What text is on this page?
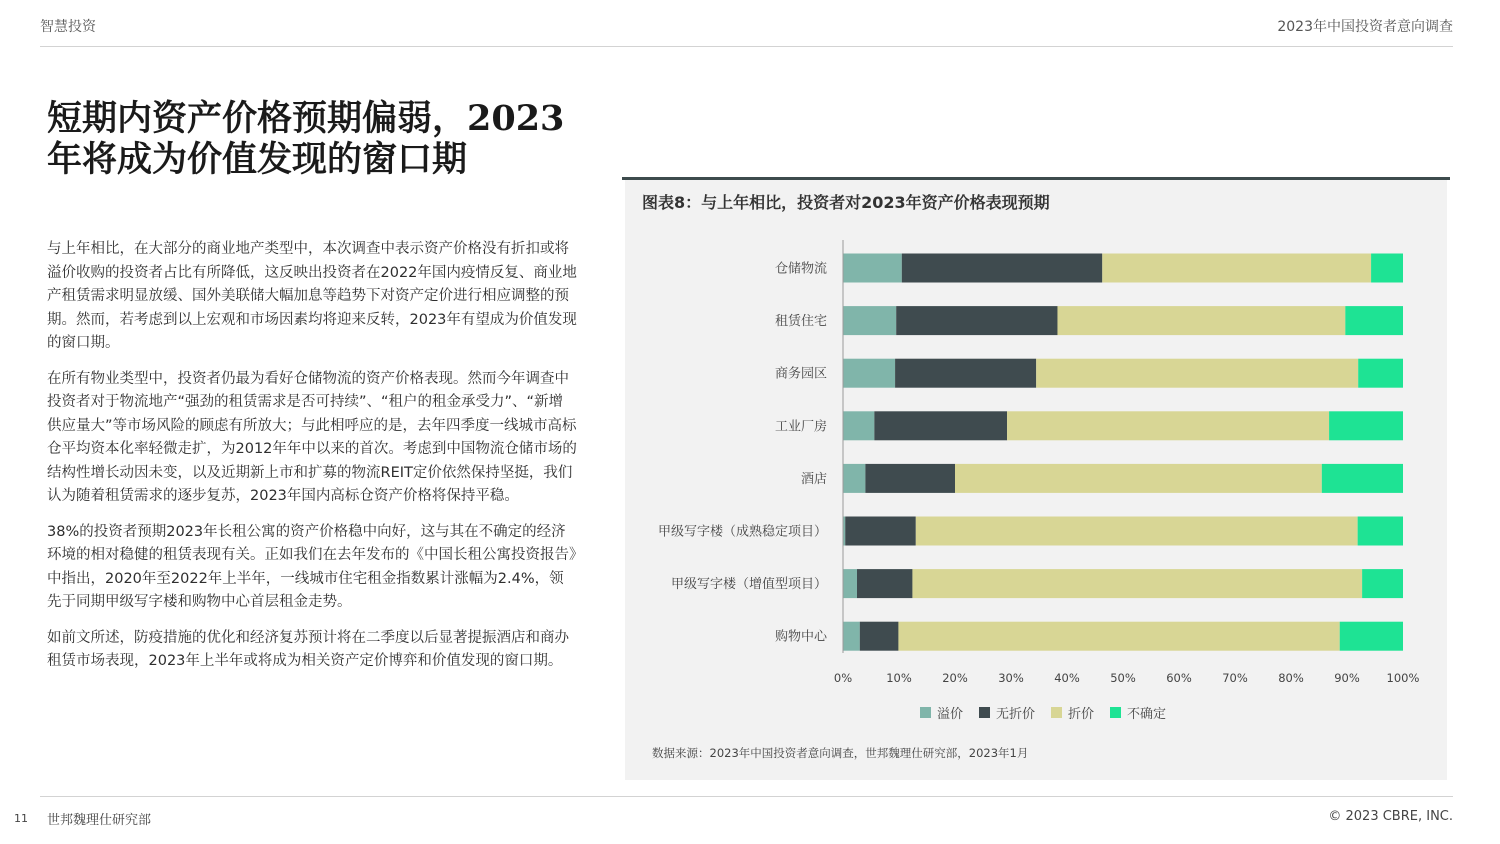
智慧投资	2023年中国投资者意向调查
短期内资产价格预期偏弱，2023年将成为价值发现的窗口期

与上年相比，在大部分的商业地产类型中，本次调查中表示资产价格没有折扣或将溢价收购的投资者占比有所降低，这反映出投资者在2022年国内疫情反复、商业地产租赁需求明显放缓、国外美联储大幅加息等趋势下对资产定价进行相应调整的预期。然而，若考虑到以上宏观和市场因素均将迎来反转，2023年有望成为价值发现的窗口期。

在所有物业类型中，投资者仍最为看好仓储物流的资产价格表现。然而今年调查中投资者对于物流地产“强劲的租赁需求是否可持续”、“租户的租金承受力”、“新增供应量大”等市场风险的顾虑有所放大；与此相呼应的是，去年四季度一线城市高标仓平均资本化率轻微走扩，为2012年年中以来的首次。考虑到中国物流仓储市场的结构性增长动因未变，以及近期新上市和扩募的物流REIT定价依然保持坚挺，我们认为随着租赁需求的逐步复苏，2023年国内高标仓资产价格将保持平稳。

38%的投资者预期2023年长租公寓的资产价格稳中向好，这与其在不确定的经济环境的相对稳健的租赁表现有关。正如我们在去年发布的《中国长租公寓投资报告》中指出，2020年至2022年上半年，一线城市住宅租金指数累计涨幅为2.4%，领先于同期甲级写字楼和购物中心首层租金走势。

如前文所述，防疫措施的优化和经济复苏预计将在二季度以后显著提振酒店和商办租赁市场表现，2023年上半年或将成为相关资产定价博弈和价值发现的窗口期。

图表8：与上年相比，投资者对2023年资产价格表现预期
仓储物流
租赁住宅
商务园区
工业厂房
酒店
甲级写字楼（成熟稳定项目）
甲级写字楼（增值型项目）
购物中心
0%	10%	20%	30%	40%	50%	60%	70%	80%	90% 100%
溢价	无折价	折价	不确定
数据来源：2023年中国投资者意向调查，世邦魏理仕研究部，2023年1月
11 世邦魏理仕研究部	© 2023 CBRE, INC.
